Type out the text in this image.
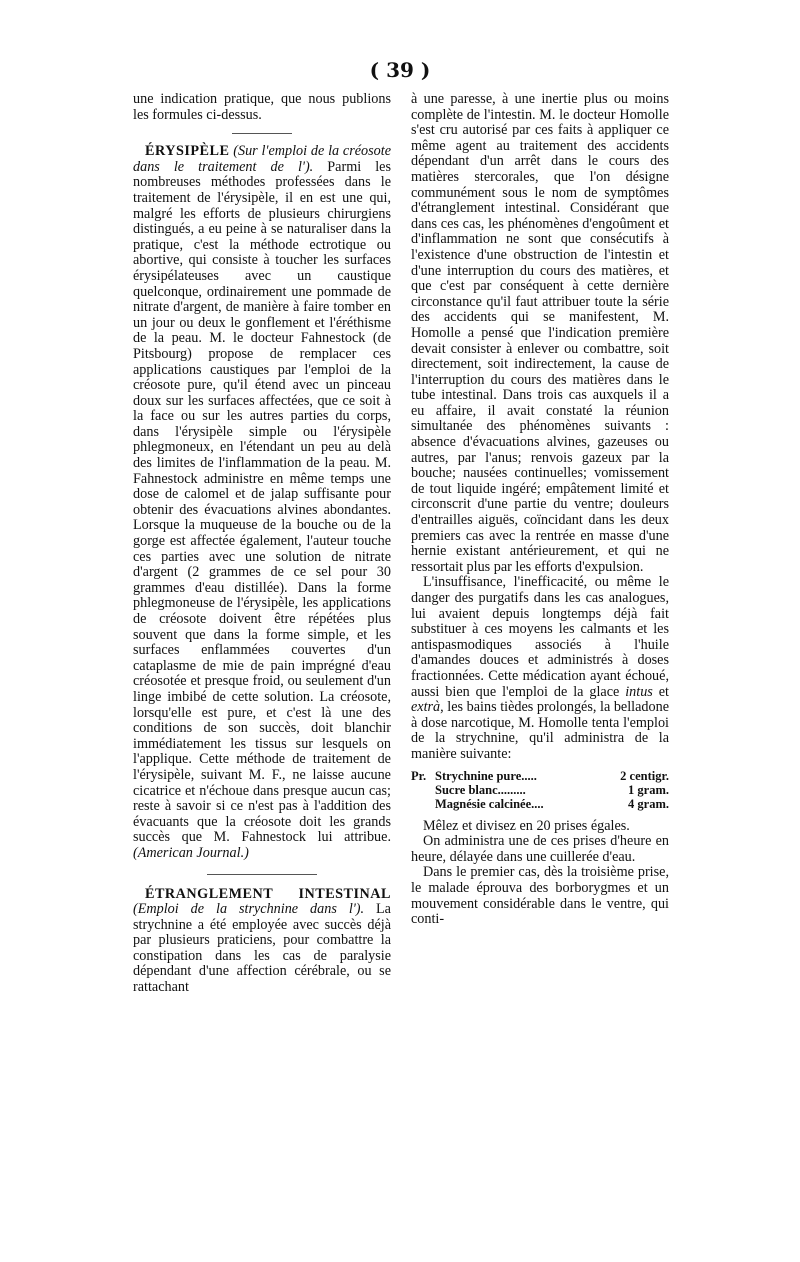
( 39 )

une indication pratique, que nous publions les formules ci-dessus.

ÉRYSIPÈLE (Sur l'emploi de la créosote dans le traitement de l'). Parmi les nombreuses méthodes professées dans le traitement de l'érysipèle, il en est une qui, malgré les efforts de plusieurs chirurgiens distingués, a eu peine à se naturaliser dans la pratique, c'est la méthode ectrotique ou abortive, qui consiste à toucher les surfaces érysipélateuses avec un caustique quelconque, ordinairement une pommade de nitrate d'argent, de manière à faire tomber en un jour ou deux le gonflement et l'éréthisme de la peau. M. le docteur Fahnestock (de Pitsbourg) propose de remplacer ces applications caustiques par l'emploi de la créosote pure, qu'il étend avec un pinceau doux sur les surfaces affectées, que ce soit à la face ou sur les autres parties du corps, dans l'érysipèle simple ou l'érysipèle phlegmoneux, en l'étendant un peu au delà des limites de l'inflammation de la peau. M. Fahnestock administre en même temps une dose de calomel et de jalap suffisante pour obtenir des évacuations alvines abondantes. Lorsque la muqueuse de la bouche ou de la gorge est affectée également, l'auteur touche ces parties avec une solution de nitrate d'argent (2 grammes de ce sel pour 30 grammes d'eau distillée). Dans la forme phlegmoneuse de l'érysipèle, les applications de créosote doivent être répétées plus souvent que dans la forme simple, et les surfaces enflammées couvertes d'un cataplasme de mie de pain imprégné d'eau créosotée et presque froid, ou seulement d'un linge imbibé de cette solution. La créosote, lorsqu'elle est pure, et c'est là une des conditions de son succès, doit blanchir immédiatement les tissus sur lesquels on l'applique. Cette méthode de traitement de l'érysipèle, suivant M. F., ne laisse aucune cicatrice et n'échoue dans presque aucun cas; reste à savoir si ce n'est pas à l'addition des évacuants que la créosote doit les grands succès que M. Fahnestock lui attribue. (American Journal.)

ÉTRANGLEMENT INTESTINAL (Emploi de la strychnine dans l'). La strychnine a été employée avec succès déjà par plusieurs praticiens, pour combattre la constipation dans les cas de paralysie dépendant d'une affection cérébrale, ou se rattachant

à une paresse, à une inertie plus ou moins complète de l'intestin. M. le docteur Homolle s'est cru autorisé par ces faits à appliquer ce même agent au traitement des accidents dépendant d'un arrêt dans le cours des matières stercorales, que l'on désigne communément sous le nom de symptômes d'étranglement intestinal. Considérant que dans ces cas, les phénomènes d'engoûment et d'inflammation ne sont que consécutifs à l'existence d'une obstruction de l'intestin et d'une interruption du cours des matières, et que c'est par conséquent à cette dernière circonstance qu'il faut attribuer toute la série des accidents qui se manifestent, M. Homolle a pensé que l'indication première devait consister à enlever ou combattre, soit directement, soit indirectement, la cause de l'interruption du cours des matières dans le tube intestinal. Dans trois cas auxquels il a eu affaire, il avait constaté la réunion simultanée des phénomènes suivants : absence d'évacuations alvines, gazeuses ou autres, par l'anus; renvois gazeux par la bouche; nausées continuelles; vomissement de tout liquide ingéré; empâtement limité et circonscrit d'une partie du ventre; douleurs d'entrailles aiguës, coïncidant dans les deux premiers cas avec la rentrée en masse d'une hernie existant antérieurement, et qui ne ressortait plus par les efforts d'expulsion.

L'insuffisance, l'inefficacité, ou même le danger des purgatifs dans les cas analogues, lui avaient depuis longtemps déjà fait substituer à ces moyens les calmants et les antispasmodiques associés à l'huile d'amandes douces et administrés à doses fractionnées. Cette médication ayant échoué, aussi bien que l'emploi de la glace intus et extrà, les bains tièdes prolongés, la belladone à dose narcotique, M. Homolle tenta l'emploi de la strychnine, qu'il administra de la manière suivante:

Pr. Strychnine pure.....	2 centigr.
Sucre blanc.........	1 gram.
Magnésie calcinée....	4 gram.

Mêlez et divisez en 20 prises égales.

On administra une de ces prises d'heure en heure, délayée dans une cuillerée d'eau.

Dans le premier cas, dès la troisième prise, le malade éprouva des borborygmes et un mouvement considérable dans le ventre, qui conti-
